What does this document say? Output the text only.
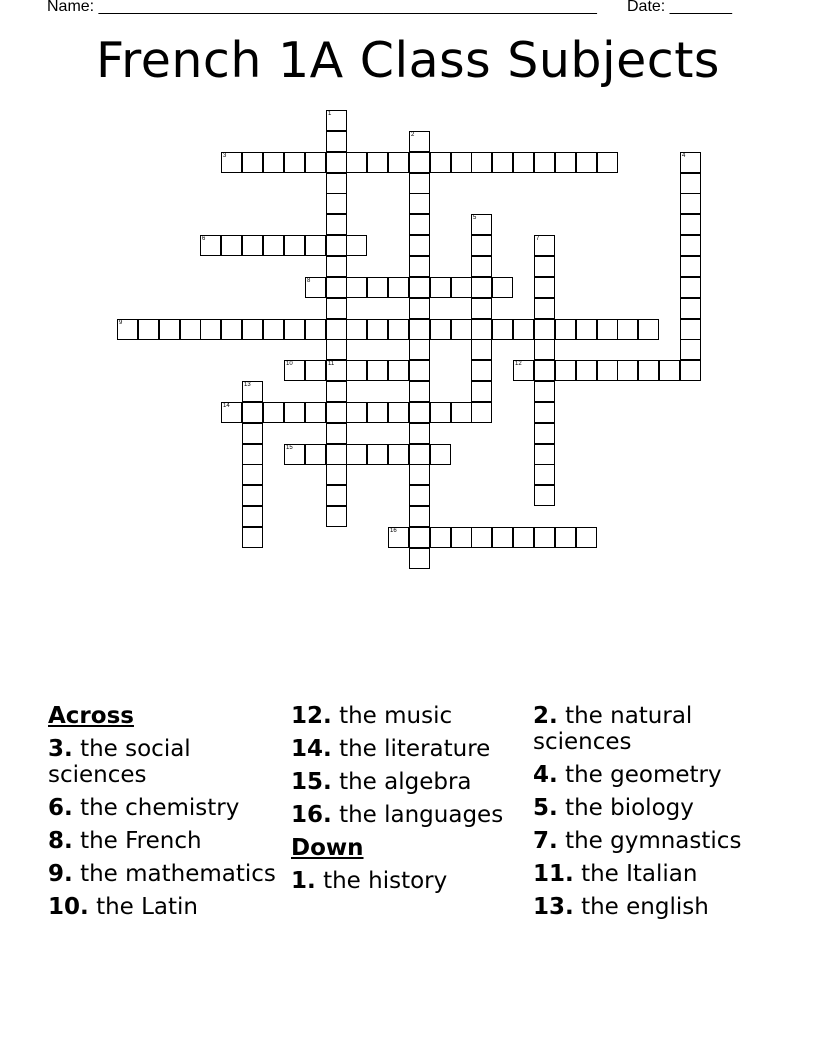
Name: ________________________________________________________ Date: _______
French 1A Class Subjects
1
11
2
3	4
5
6	7
8
9
10	12
13
14
15
16
Across
3. the social sciences
6. the chemistry
8. the French
9. the mathematics
10. the Latin
12. the music
14. the literature
15. the algebra
16. the languages
Down
1. the history
2. the natural sciences
4. the geometry
5. the biology
7. the gymnastics
11. the Italian
13. the english
